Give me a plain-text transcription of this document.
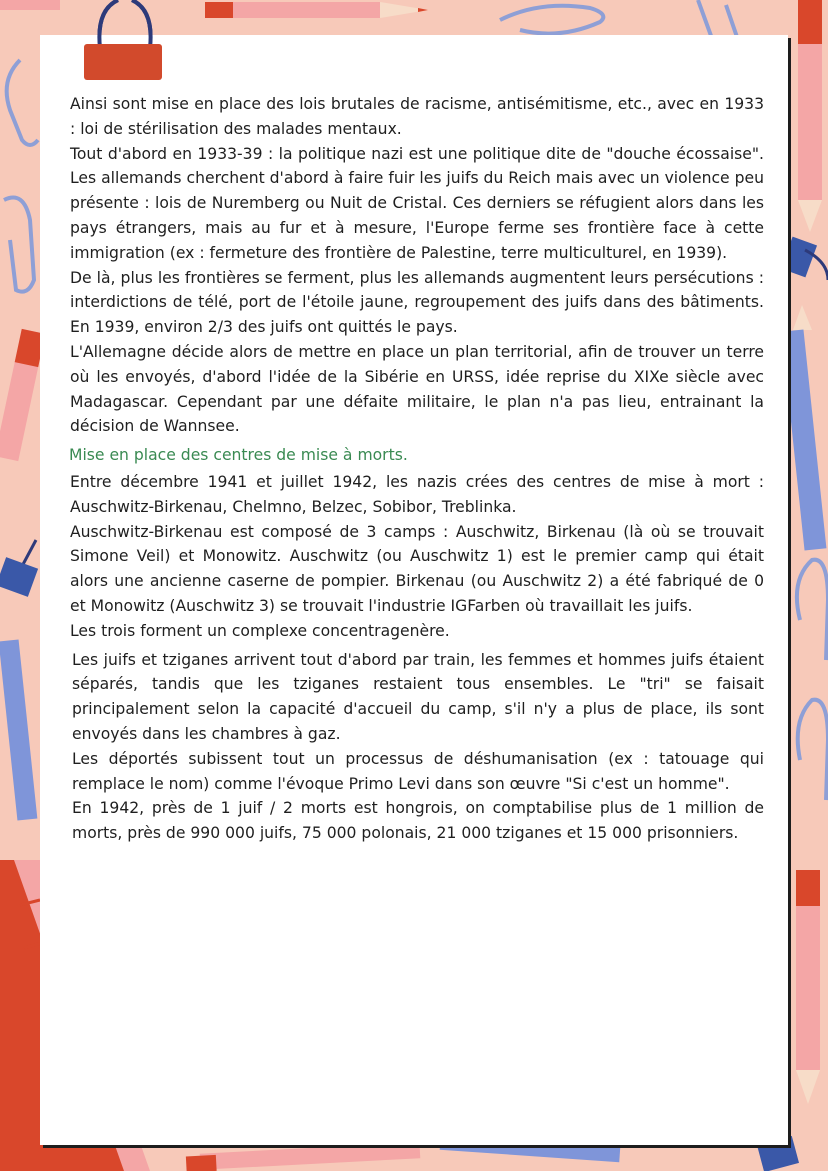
Ainsi sont mise en place des lois brutales de racisme, antisémitisme, etc., avec en 1933 : loi de stérilisation des malades mentaux.

Tout d'abord en 1933-39 : la politique nazi est une politique dite de "douche écossaise". Les allemands cherchent d'abord à faire fuir les juifs du Reich mais avec un violence peu présente : lois de Nuremberg ou Nuit de Cristal. Ces derniers se réfugient alors dans les pays étrangers, mais au fur et à mesure, l'Europe ferme ses frontière face à cette immigration (ex : fermeture des frontière de Palestine, terre multiculturel, en 1939).

De là, plus les frontières se ferment, plus les allemands augmentent leurs persécutions : interdictions de télé, port de l'étoile jaune, regroupement des juifs dans des bâtiments. En 1939, environ 2/3 des juifs ont quittés le pays.

L'Allemagne décide alors de mettre en place un plan territorial, afin de trouver un terre où les envoyés, d'abord l'idée de la Sibérie en URSS, idée reprise du XIXe siècle avec Madagascar. Cependant par une défaite militaire, le plan n'a pas lieu, entrainant la décision de Wannsee.

Mise en place des centres de mise à morts.

Entre décembre 1941 et juillet 1942, les nazis crées des centres de mise à mort : Auschwitz-Birkenau, Chelmno, Belzec, Sobibor, Treblinka.

Auschwitz-Birkenau est composé de 3 camps : Auschwitz, Birkenau (là où se trouvait Simone Veil) et Monowitz. Auschwitz (ou Auschwitz 1) est le premier camp qui était alors une ancienne caserne de pompier. Birkenau (ou Auschwitz 2) a été fabriqué de 0 et Monowitz (Auschwitz 3) se trouvait l'industrie IGFarben où travaillait les juifs.

Les trois forment un complexe concentragenère.

Les juifs et tziganes arrivent tout d'abord par train, les femmes et hommes juifs étaient séparés, tandis que les tziganes restaient tous ensembles. Le "tri" se faisait principalement selon la capacité d'accueil du camp, s'il n'y a plus de place, ils sont envoyés dans les chambres à gaz.

Les déportés subissent tout un processus de déshumanisation (ex : tatouage qui remplace le nom) comme l'évoque Primo Levi dans son œuvre "Si c'est un homme".

En 1942, près de 1 juif / 2 morts est hongrois, on comptabilise plus de 1 million de morts, près de 990 000 juifs, 75 000 polonais, 21 000 tziganes et 15 000 prisonniers.
